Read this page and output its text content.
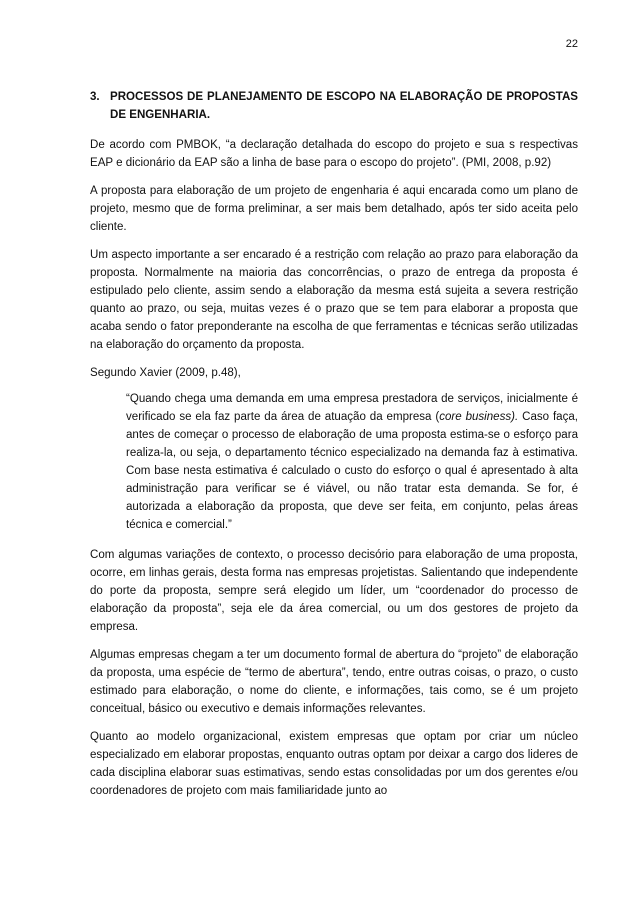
22
3. PROCESSOS DE PLANEJAMENTO DE ESCOPO NA ELABORAÇÃO DE PROPOSTAS DE ENGENHARIA.

De acordo com PMBOK, “a declaração detalhada do escopo do projeto e sua s respectivas EAP e dicionário da EAP são a linha de base para o escopo do projeto”. (PMI, 2008, p.92)

A proposta para elaboração de um projeto de engenharia é aqui encarada como um plano de projeto, mesmo que de forma preliminar, a ser mais bem detalhado, após ter sido aceita pelo cliente.

Um aspecto importante a ser encarado é a restrição com relação ao prazo para elaboração da proposta. Normalmente na maioria das concorrências, o prazo de entrega da proposta é estipulado pelo cliente, assim sendo a elaboração da mesma está sujeita a severa restrição quanto ao prazo, ou seja, muitas vezes é o prazo que se tem para elaborar a proposta que acaba sendo o fator preponderante na escolha de que ferramentas e técnicas serão utilizadas na elaboração do orçamento da proposta.

Segundo Xavier (2009, p.48),

“Quando chega uma demanda em uma empresa prestadora de serviços, inicialmente é verificado se ela faz parte da área de atuação da empresa (core business). Caso faça, antes de começar o processo de elaboração de uma proposta estima-se o esforço para realiza-la, ou seja, o departamento técnico especializado na demanda faz à estimativa. Com base nesta estimativa é calculado o custo do esforço o qual é apresentado à alta administração para verificar se é viável, ou não tratar esta demanda. Se for, é autorizada a elaboração da proposta, que deve ser feita, em conjunto, pelas áreas técnica e comercial.”

Com algumas variações de contexto, o processo decisório para elaboração de uma proposta, ocorre, em linhas gerais, desta forma nas empresas projetistas. Salientando que independente do porte da proposta, sempre será elegido um líder, um “coordenador do processo de elaboração da proposta”, seja ele da área comercial, ou um dos gestores de projeto da empresa.

Algumas empresas chegam a ter um documento formal de abertura do “projeto” de elaboração da proposta, uma espécie de “termo de abertura”, tendo, entre outras coisas, o prazo, o custo estimado para elaboração, o nome do cliente, e informações, tais como, se é um projeto conceitual, básico ou executivo e demais informações relevantes.

Quanto ao modelo organizacional, existem empresas que optam por criar um núcleo especializado em elaborar propostas, enquanto outras optam por deixar a cargo dos lideres de cada disciplina elaborar suas estimativas, sendo estas consolidadas por um dos gerentes e/ou coordenadores de projeto com mais familiaridade junto ao
